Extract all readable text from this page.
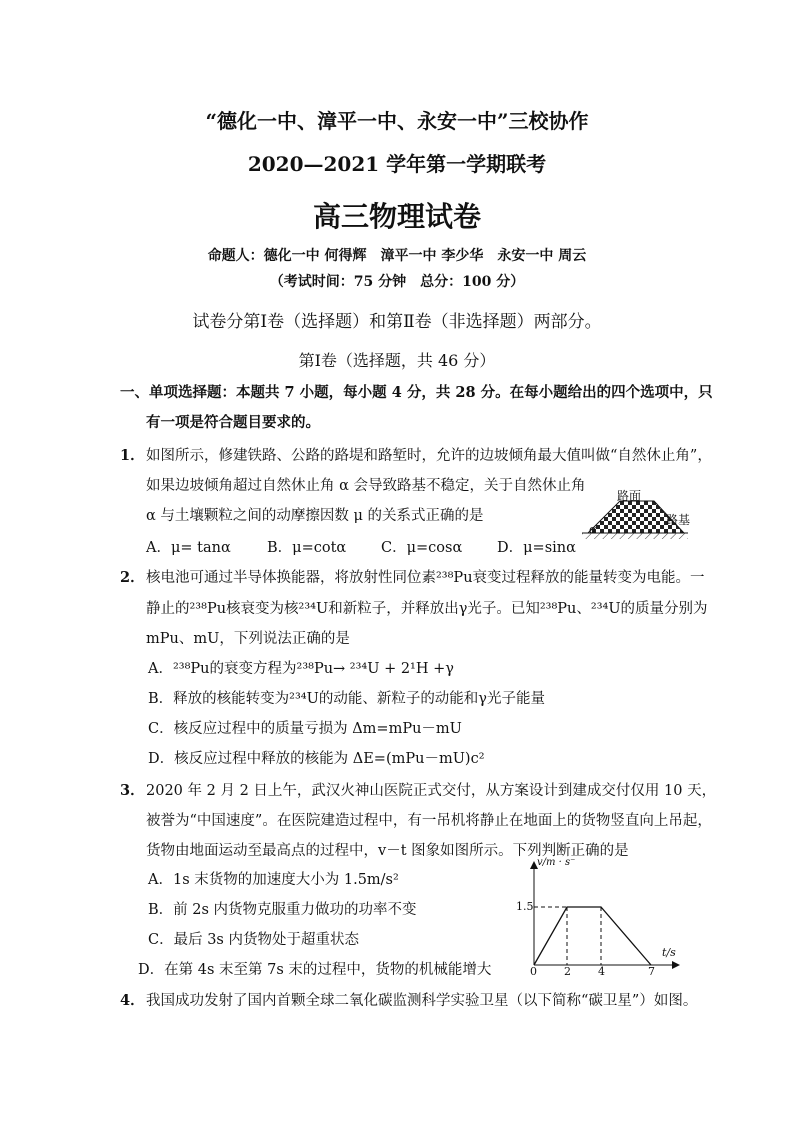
“德化一中、漳平一中、永安一中”三校协作
2020—2021 学年第一学期联考
高三物理试卷
命题人：德化一中 何得辉　漳平一中 李少华　永安一中 周云
（考试时间：75 分钟　总分：100 分）
试卷分第Ⅰ卷（选择题）和第Ⅱ卷（非选择题）两部分。
第Ⅰ卷（选择题，共 46 分）
一、单项选择题：本题共 7 小题，每小题 4 分，共 28 分。在每小题给出的四个选项中，只
有一项是符合题目要求的。
1． 如图所示，修建铁路、公路的路堤和路堑时，允许的边坡倾角最大值叫做“自然休止角”，
如果边坡倾角超过自然休止角 α 会导致路基不稳定，关于自然休止角
α 与土壤颗粒之间的动摩擦因数 μ 的关系式正确的是
A．μ= tanα B．μ=cotα C．μ=cosα D．μ=sinα
路面
路基
α
2． 核电池可通过半导体换能器，将放射性同位素²³⁸Pu衰变过程释放的能量转变为电能。一
静止的²³⁸Pu核衰变为核²³⁴U和新粒子，并释放出γ光子。已知²³⁸Pu、²³⁴U的质量分别为
mPu、mU，下列说法正确的是
A．²³⁸Pu的衰变方程为²³⁸Pu→ ²³⁴U + 2¹H +γ
B．释放的核能转变为²³⁴U的动能、新粒子的动能和γ光子能量
C．核反应过程中的质量亏损为 Δm=mPu－mU
D．核反应过程中释放的核能为 ΔE=(mPu－mU)c²
3． 2020 年 2 月 2 日上午，武汉火神山医院正式交付，从方案设计到建成交付仅用 10 天，
被誉为“中国速度”。在医院建造过程中，有一吊机将静止在地面上的货物竖直向上吊起，
货物由地面运动至最高点的过程中，v－t 图象如图所示。下列判断正确的是
A．1s 末货物的加速度大小为 1.5m/s²
B．前 2s 内货物克服重力做功的功率不变
C．最后 3s 内货物处于超重状态
D．在第 4s 末至第 7s 末的过程中，货物的机械能增大
v/m · s⁻
t/s
1.5
0 2 4	7
4． 我国成功发射了国内首颗全球二氧化碳监测科学实验卫星（以下简称“碳卫星”）如图。
